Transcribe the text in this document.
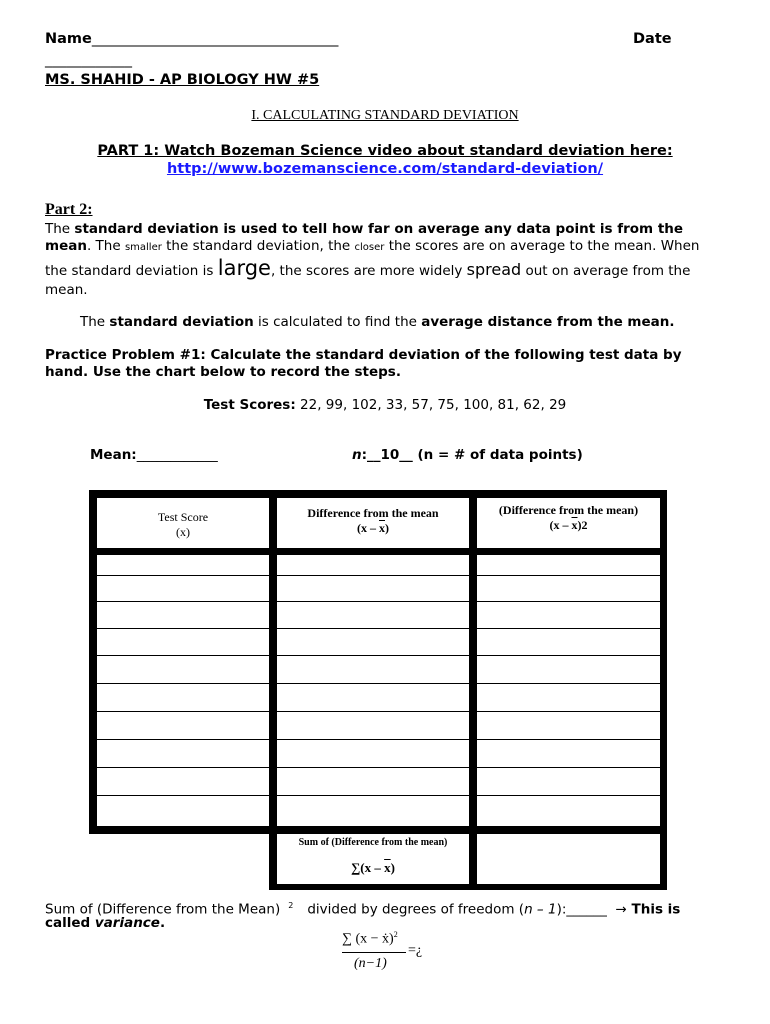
Name__________________________________	Date
____________
MS. SHAHID - AP BIOLOGY HW #5
I. CALCULATING STANDARD DEVIATION
PART 1: Watch Bozeman Science video about standard deviation here:
http://www.bozemanscience.com/standard-deviation/
Part 2:
The standard deviation is used to tell how far on average any data point is from the
mean. The smaller the standard deviation, the closer the scores are on average to the mean. When
the standard deviation is large, the scores are more widely spread out on average from the
mean.
The standard deviation is calculated to find the average distance from the mean.
Practice Problem #1: Calculate the standard deviation of the following test data by
hand. Use the chart below to record the steps.
Test Scores: 22, 99, 102, 33, 57, 75, 100, 81, 62, 29
Mean:____________	n:__10__ (n = # of data points)
Test Score
(x)
Difference from the mean
$(x - \overline{x})$
(Difference from the mean)
$(x - \overline{x})2$
Sum of (Difference from the mean)
$\sum(x - \overline{x})$
Sum of (Difference from the Mean) $^2$ divided by degrees of freedom (n – 1):______ → This is
called variance.
∑ (x − ẋ)$^2$
(n−1)
=¿
